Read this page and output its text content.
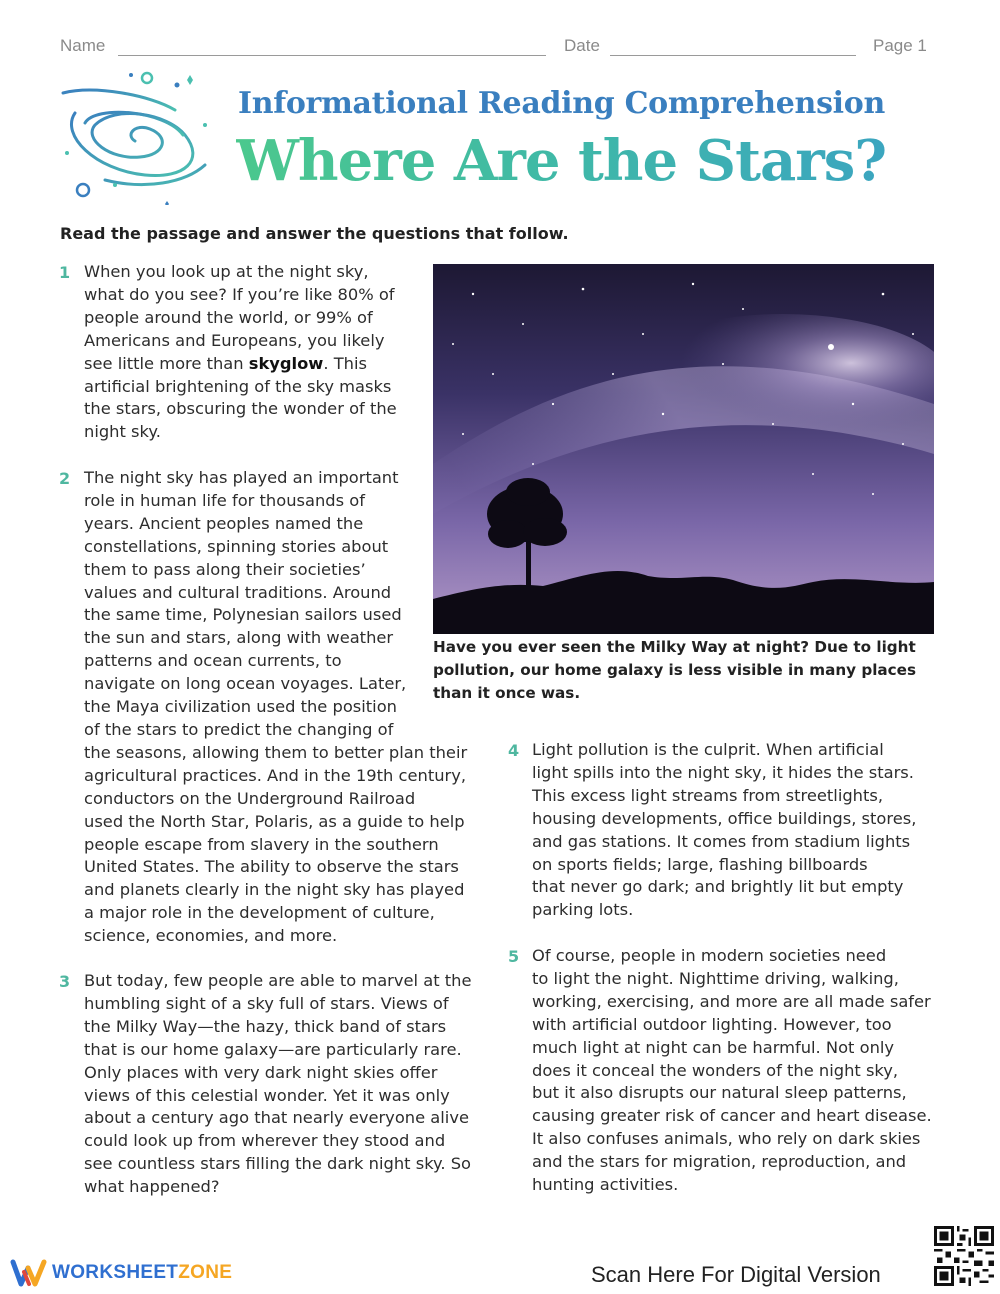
Name	Date	Page 1
Informational Reading Comprehension
Where Are the Stars?
Read the passage and answer the questions that follow.
1 When you look up at the night sky,
what do you see? If you’re like 80% of
people around the world, or 99% of
Americans and Europeans, you likely
see little more than skyglow. This
artificial brightening of the sky masks
the stars, obscuring the wonder of the
night sky.
2 The night sky has played an important
role in human life for thousands of
years. Ancient peoples named the
constellations, spinning stories about
them to pass along their societies’
values and cultural traditions. Around
the same time, Polynesian sailors used
the sun and stars, along with weather
patterns and ocean currents, to
navigate on long ocean voyages. Later,
the Maya civilization used the position
of the stars to predict the changing of
the seasons, allowing them to better plan their
agricultural practices. And in the 19th century,
conductors on the Underground Railroad
used the North Star, Polaris, as a guide to help
people escape from slavery in the southern
United States. The ability to observe the stars
and planets clearly in the night sky has played
a major role in the development of culture,
science, economies, and more.
3 But today, few people are able to marvel at the
humbling sight of a sky full of stars. Views of
the Milky Way—the hazy, thick band of stars
that is our home galaxy—are particularly rare.
Only places with very dark night skies offer
views of this celestial wonder. Yet it was only
about a century ago that nearly everyone alive
could look up from wherever they stood and
see countless stars filling the dark night sky. So
what happened?
Have you ever seen the Milky Way at night? Due to light pollution, our home galaxy is less visible in many places than it once was.
4 Light pollution is the culprit. When artificial
light spills into the night sky, it hides the stars.
This excess light streams from streetlights,
housing developments, office buildings, stores,
and gas stations. It comes from stadium lights
on sports fields; large, flashing billboards
that never go dark; and brightly lit but empty
parking lots.
5 Of course, people in modern societies need
to light the night. Nighttime driving, walking,
working, exercising, and more are all made safer
with artificial outdoor lighting. However, too
much light at night can be harmful. Not only
does it conceal the wonders of the night sky,
but it also disrupts our natural sleep patterns,
causing greater risk of cancer and heart disease.
It also confuses animals, who rely on dark skies
and the stars for migration, reproduction, and
hunting activities.
WORKSHEETZONE	Scan Here For Digital Version
